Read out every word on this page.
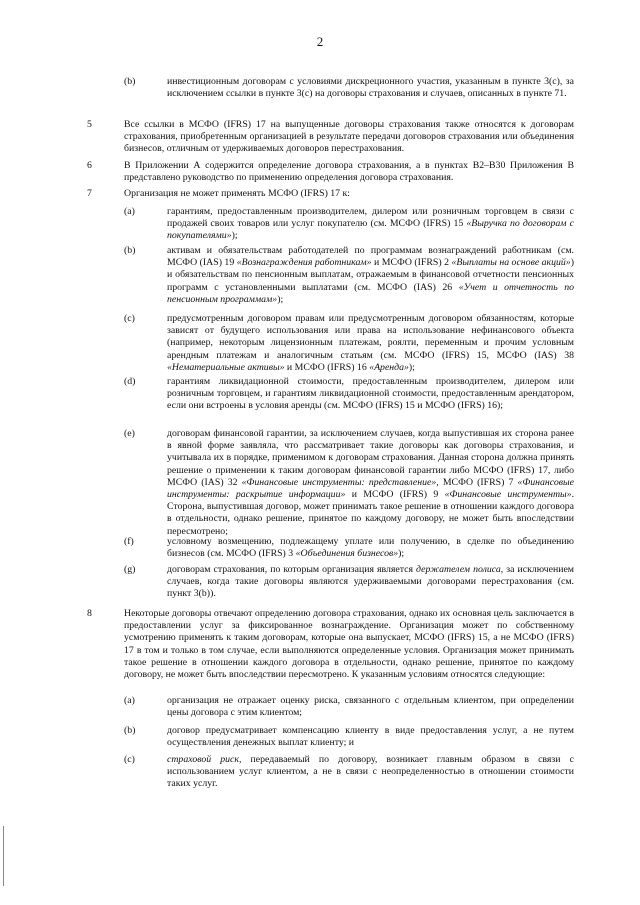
2
(b)	инвестиционным договорам с условиями дискреционного участия, указанным в пункте 3(с), за исключением ссылки в пункте 3(с) на договоры страхования и случаев, описанных в пункте 71.
5	Все ссылки в МСФО (IFRS) 17 на выпущенные договоры страхования также относятся к договорам страхования, приобретенным организацией в результате передачи договоров страхования или объединения бизнесов, отличным от удерживаемых договоров перестрахования.
6	В Приложении А содержится определение договора страхования, а в пунктах В2–В30 Приложения В представлено руководство по применению определения договора страхования.
7	Организация не может применять МСФО (IFRS) 17 к:
(a)	гарантиям, предоставленным производителем, дилером или розничным торговцем в связи с продажей своих товаров или услуг покупателю (см. МСФО (IFRS) 15 «Выручка по договорам с покупателями»);
(b)	активам и обязательствам работодателей по программам вознаграждений работникам (см. МСФО (IAS) 19 «Вознаграждения работникам» и МСФО (IFRS) 2 «Выплаты на основе акций») и обязательствам по пенсионным выплатам, отражаемым в финансовой отчетности пенсионных программ с установленными выплатами (см. МСФО (IAS) 26 «Учет и отчетность по пенсионным программам»);
(c)	предусмотренным договором правам или предусмотренным договором обязанностям, которые зависят от будущего использования или права на использование нефинансового объекта (например, некоторым лицензионным платежам, роялти, переменным и прочим условным арендным платежам и аналогичным статьям (см. МСФО (IFRS) 15, МСФО (IAS) 38 «Нематериальные активы» и МСФО (IFRS) 16 «Аренда»);
(d)	гарантиям ликвидационной стоимости, предоставленным производителем, дилером или розничным торговцем, и гарантиям ликвидационной стоимости, предоставленным арендатором, если они встроены в условия аренды (см. МСФО (IFRS) 15 и МСФО (IFRS) 16);
(e)	договорам финансовой гарантии, за исключением случаев, когда выпустившая их сторона ранее в явной форме заявляла, что рассматривает такие договоры как договоры страхования, и учитывала их в порядке, применимом к договорам страхования. Данная сторона должна принять решение о применении к таким договорам финансовой гарантии либо МСФО (IFRS) 17, либо МСФО (IAS) 32 «Финансовые инструменты: представление», МСФО (IFRS) 7 «Финансовые инструменты: раскрытие информации» и МСФО (IFRS) 9 «Финансовые инструменты». Сторона, выпустившая договор, может принимать такое решение в отношении каждого договора в отдельности, однако решение, принятое по каждому договору, не может быть впоследствии пересмотрено;
(f)	условному возмещению, подлежащему уплате или получению, в сделке по объединению бизнесов (см. МСФО (IFRS) 3 «Объединения бизнесов»);
(g)	договорам страхования, по которым организация является держателем полиса, за исключением случаев, когда такие договоры являются удерживаемыми договорами перестрахования (см. пункт 3(b)).
8	Некоторые договоры отвечают определению договора страхования, однако их основная цель заключается в предоставлении услуг за фиксированное вознаграждение. Организация может по собственному усмотрению применять к таким договорам, которые она выпускает, МСФО (IFRS) 15, а не МСФО (IFRS) 17 в том и только в том случае, если выполняются определенные условия. Организация может принимать такое решение в отношении каждого договора в отдельности, однако решение, принятое по каждому договору, не может быть впоследствии пересмотрено. К указанным условиям относятся следующие:
(a)	организация не отражает оценку риска, связанного с отдельным клиентом, при определении цены договора с этим клиентом;
(b)	договор предусматривает компенсацию клиенту в виде предоставления услуг, а не путем осуществления денежных выплат клиенту; и
(c)	страховой риск, передаваемый по договору, возникает главным образом в связи с использованием услуг клиентом, а не в связи с неопределенностью в отношении стоимости таких услуг.
